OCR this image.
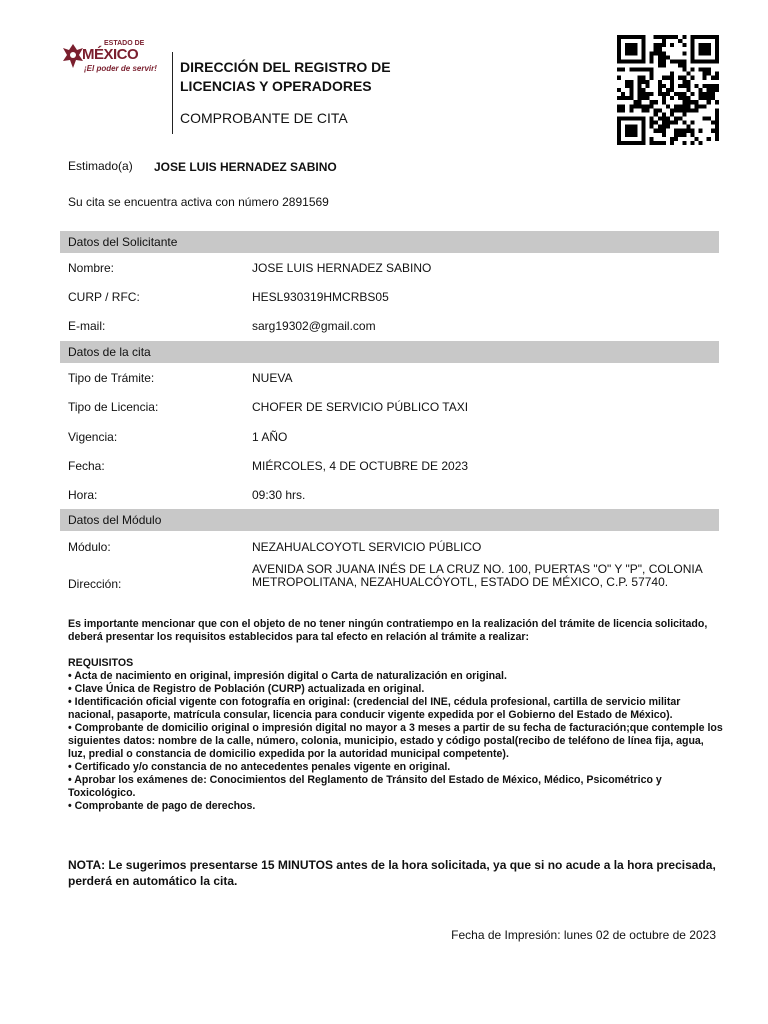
ESTADO DE
MÉXICO
¡El poder de servir! DIRECCIÓN DEL REGISTRO DE
LICENCIAS Y OPERADORES
COMPROBANTE DE CITA
Estimado(a) JOSE LUIS HERNADEZ SABINO
Su cita se encuentra activa con número 2891569
Datos del Solicitante
Nombre:	JOSE LUIS HERNADEZ SABINO
CURP / RFC:	HESL930319HMCRBS05
E-mail:	sarg19302@gmail.com
Datos de la cita
Tipo de Trámite:	NUEVA
Tipo de Licencia:	CHOFER DE SERVICIO PÚBLICO TAXI
Vigencia:	1 AÑO
Fecha:	MIÉRCOLES, 4 DE OCTUBRE DE 2023
Hora:	09:30 hrs.
Datos del Módulo
Módulo:	NEZAHUALCOYOTL SERVICIO PÚBLICO
Dirección:
AVENIDA SOR JUANA INÉS DE LA CRUZ NO. 100, PUERTAS "O" Y "P", COLONIA METROPOLITANA, NEZAHUALCÓYOTL, ESTADO DE MÉXICO, C.P. 57740.
Es importante mencionar que con el objeto de no tener ningún contratiempo en la realización del trámite de licencia solicitado, deberá presentar los requisitos establecidos para tal efecto en relación al trámite a realizar:
REQUISITOS
• Acta de nacimiento en original, impresión digital o Carta de naturalización en original.
• Clave Única de Registro de Población (CURP) actualizada en original.
• Identificación oficial vigente con fotografía en original: (credencial del INE, cédula profesional, cartilla de servicio militar nacional, pasaporte, matrícula consular, licencia para conducir vigente expedida por el Gobierno del Estado de México).
• Comprobante de domicilio original o impresión digital no mayor a 3 meses a partir de su fecha de facturación;que contemple los siguientes datos: nombre de la calle, número, colonia, municipio, estado y código postal(recibo de teléfono de línea fija, agua, luz, predial o constancia de domicilio expedida por la autoridad municipal competente).
• Certificado y/o constancia de no antecedentes penales vigente en original.
• Aprobar los exámenes de: Conocimientos del Reglamento de Tránsito del Estado de México, Médico, Psicométrico y Toxicológico.
• Comprobante de pago de derechos.
NOTA: Le sugerimos presentarse 15 MINUTOS antes de la hora solicitada, ya que si no acude a la hora precisada, perderá en automático la cita.
Fecha de Impresión: lunes 02 de octubre de 2023
